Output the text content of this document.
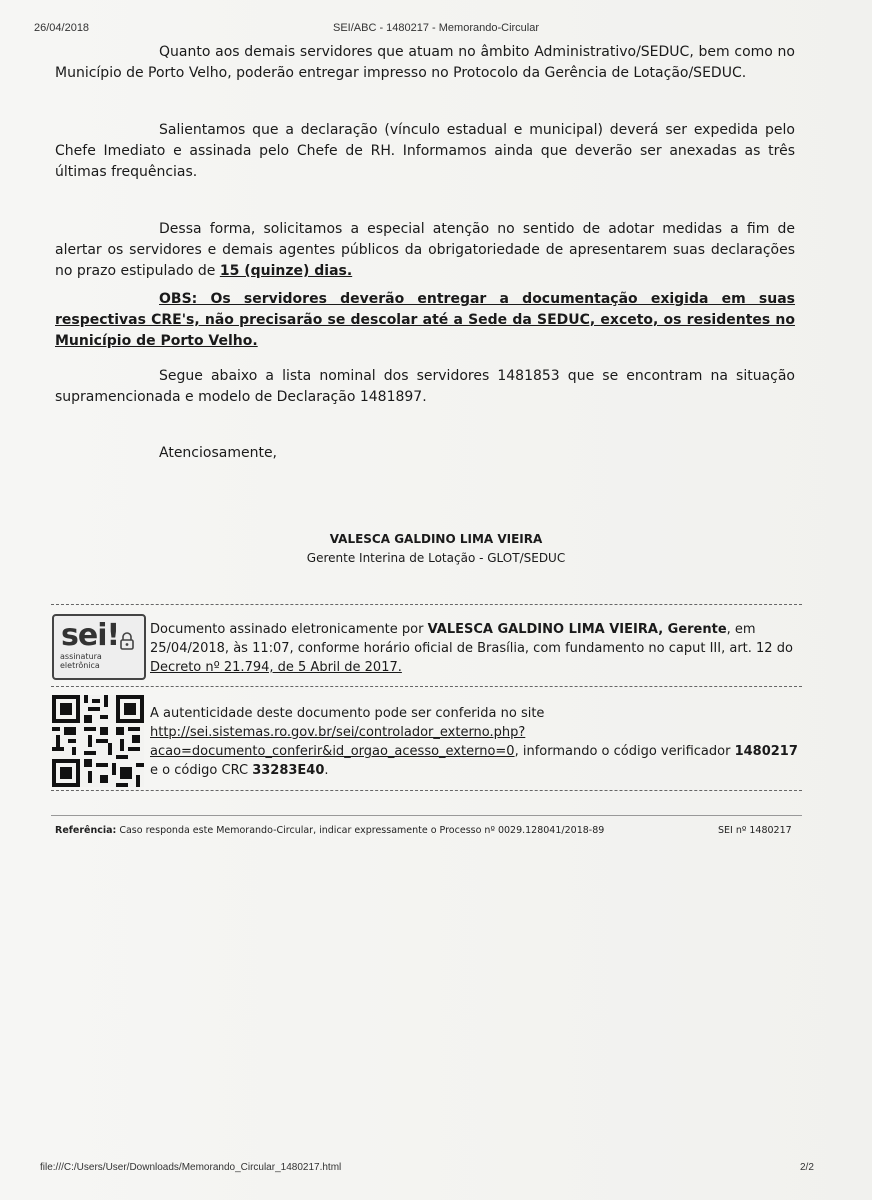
26/04/2018	SEI/ABC - 1480217 - Memorando-Circular

Quanto aos demais servidores que atuam no âmbito Administrativo/SEDUC, bem como no Município de Porto Velho, poderão entregar impresso no Protocolo da Gerência de Lotação/SEDUC.

Salientamos que a declaração (vínculo estadual e municipal) deverá ser expedida pelo Chefe Imediato e assinada pelo Chefe de RH. Informamos ainda que deverão ser anexadas as três últimas frequências.

Dessa forma, solicitamos a especial atenção no sentido de adotar medidas a fim de alertar os servidores e demais agentes públicos da obrigatoriedade de apresentarem suas declarações no prazo estipulado de 15 (quinze) dias.

OBS: Os servidores deverão entregar a documentação exigida em suas respectivas CRE's, não precisarão se descolar até a Sede da SEDUC, exceto, os residentes no Município de Porto Velho.

Segue abaixo a lista nominal dos servidores 1481853 que se encontram na situação supramencionada e modelo de Declaração 1481897.

Atenciosamente,

VALESCA GALDINO LIMA VIEIRA
Gerente Interina de Lotação - GLOT/SEDUC
sei!
assinatura
eletrônica
Documento assinado eletronicamente por VALESCA GALDINO LIMA VIEIRA, Gerente, em 25/04/2018, às 11:07, conforme horário oficial de Brasília, com fundamento no caput III, art. 12 do Decreto nº 21.794, de 5 Abril de 2017.
A autenticidade deste documento pode ser conferida no site
http://sei.sistemas.ro.gov.br/sei/controlador_externo.php?
acao=documento_conferir&id_orgao_acesso_externo=0, informando o código verificador 1480217 e o código CRC 33283E40.
Referência: Caso responda este Memorando-Circular, indicar expressamente o Processo nº 0029.128041/2018-89	SEI nº 1480217
file:///C:/Users/User/Downloads/Memorando_Circular_1480217.html	2/2
